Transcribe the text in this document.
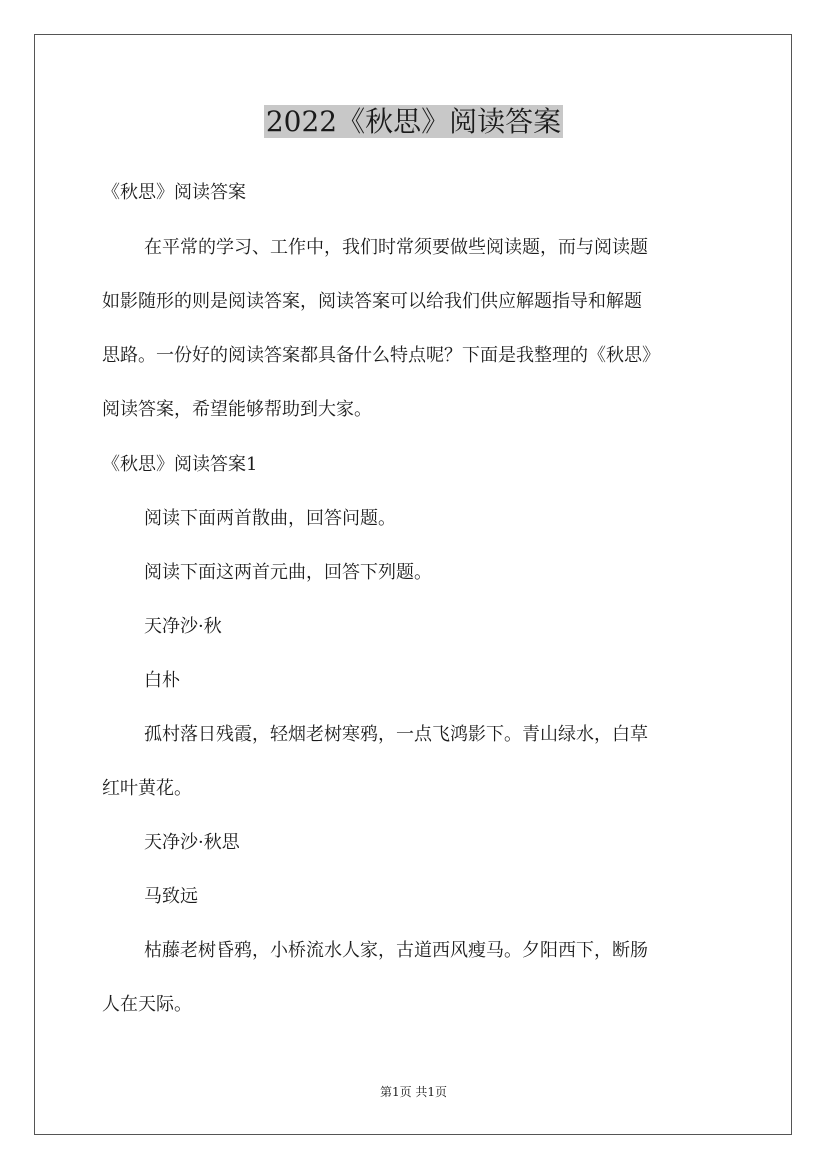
2022《秋思》阅读答案
《秋思》阅读答案
在平常的学习、工作中，我们时常须要做些阅读题，而与阅读题
如影随形的则是阅读答案，阅读答案可以给我们供应解题指导和解题
思路。一份好的阅读答案都具备什么特点呢？下面是我整理的《秋思》
阅读答案，希望能够帮助到大家。
《秋思》阅读答案1
阅读下面两首散曲，回答问题。
阅读下面这两首元曲，回答下列题。
天净沙·秋
白朴
孤村落日残霞，轻烟老树寒鸦，一点飞鸿影下。青山绿水，白草
红叶黄花。
天净沙·秋思
马致远
枯藤老树昏鸦，小桥流水人家，古道西风瘦马。夕阳西下，断肠
人在天际。
第1页 共1页
